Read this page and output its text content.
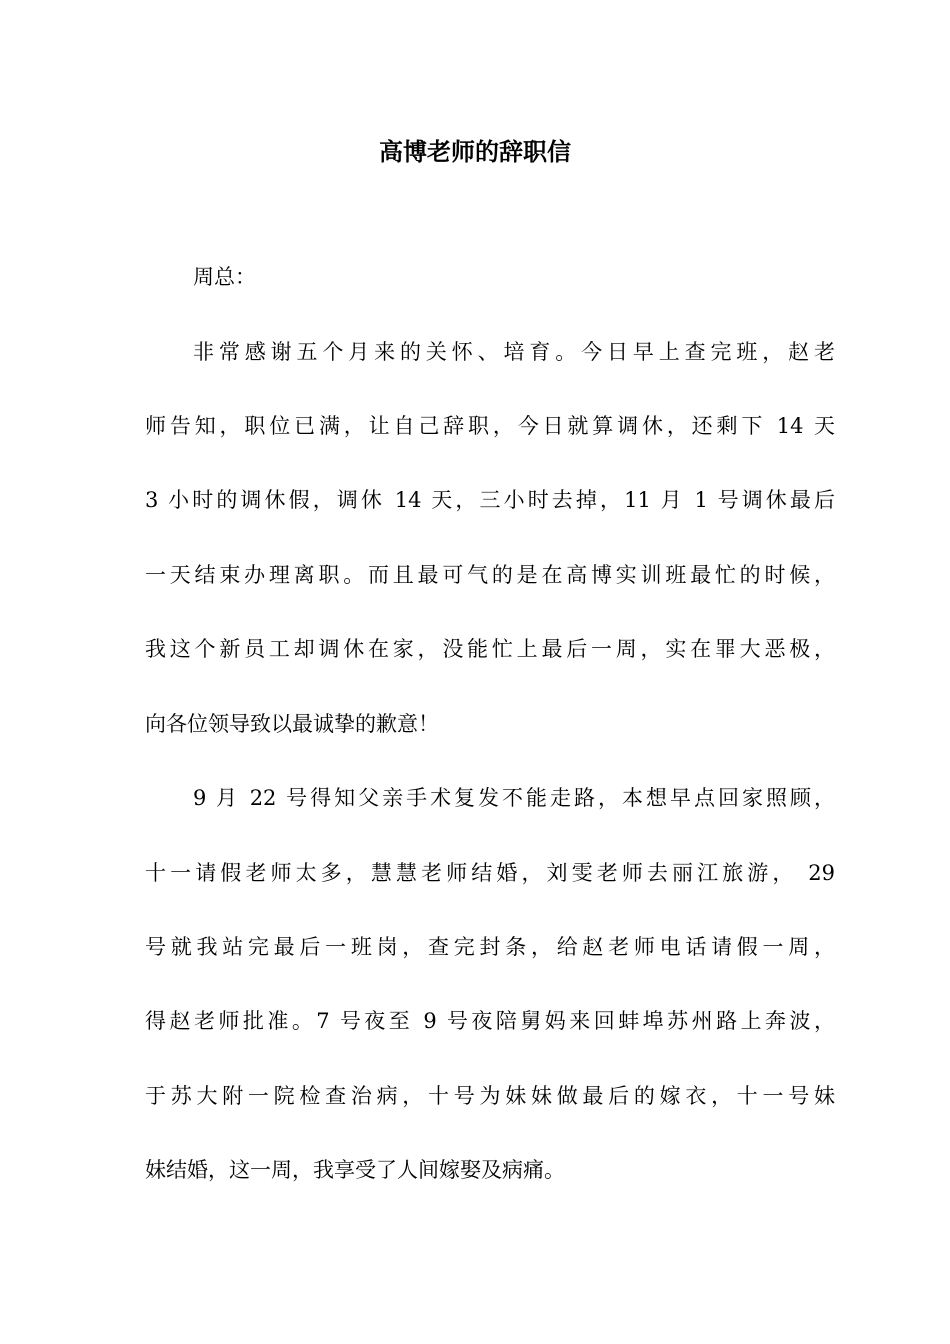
高博老师的辞职信
周总：
非常感谢五个月来的关怀、培育。今日早上查完班，赵老
师告知，职位已满，让自己辞职，今日就算调休，还剩下 14 天
3 小时的调休假，调休 14 天，三小时去掉，11 月 1 号调休最后
一天结束办理离职。而且最可气的是在高博实训班最忙的时候，
我这个新员工却调休在家，没能忙上最后一周，实在罪大恶极，
向各位领导致以最诚挚的歉意！
9 月 22 号得知父亲手术复发不能走路，本想早点回家照顾，
十一请假老师太多，慧慧老师结婚，刘雯老师去丽江旅游， 29
号就我站完最后一班岗，查完封条，给赵老师电话请假一周，
得赵老师批准。7 号夜至 9 号夜陪舅妈来回蚌埠苏州路上奔波，
于苏大附一院检查治病，十号为妹妹做最后的嫁衣，十一号妹
妹结婚，这一周，我享受了人间嫁娶及病痛。
